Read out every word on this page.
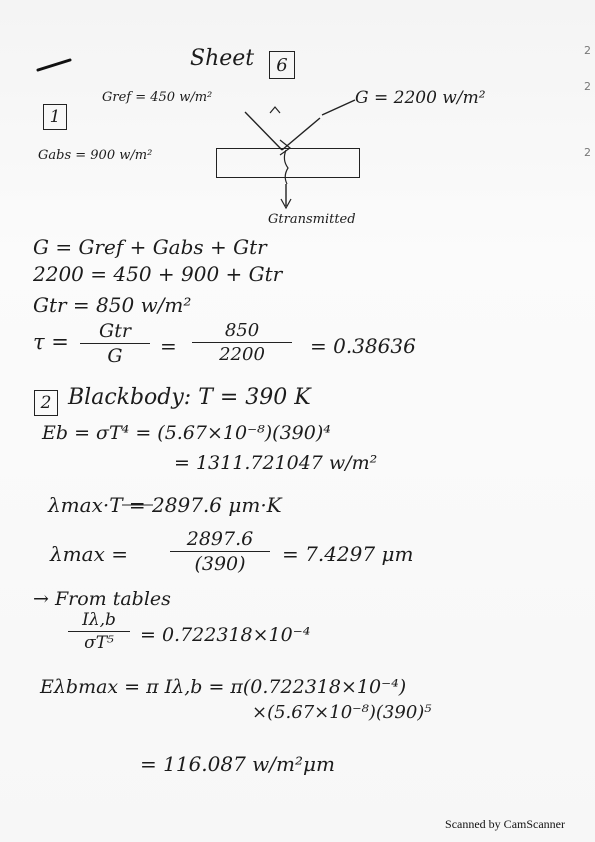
Sheet 6
1
Gref = 450 w/m²	G = 2200 w/m²
Gabs = 900 w/m²
Gtransmitted
G = Gref + Gabs + Gtr
2200 = 450 + 900 + Gtr
Gtr = 850 w/m²
τ = Gtr
G =
850
2200 = 0.38636
2 Blackbody: T = 390 K
Eb = σT⁴ = (5.67×10⁻⁸)(390)⁴
= 1311.721047 w/m²
λmax·T = 2897.6 μm·K
λmax =
2897.6
(390) = 7.4297 μm
→ From tables
Iλ,b
σT⁵ = 0.722318×10⁻⁴
Eλbmax = π Iλ,b = π(0.722318×10⁻⁴)
×(5.67×10⁻⁸)(390)⁵
= 116.087 w/m²μm
2
2
2
Scanned by CamScanner
